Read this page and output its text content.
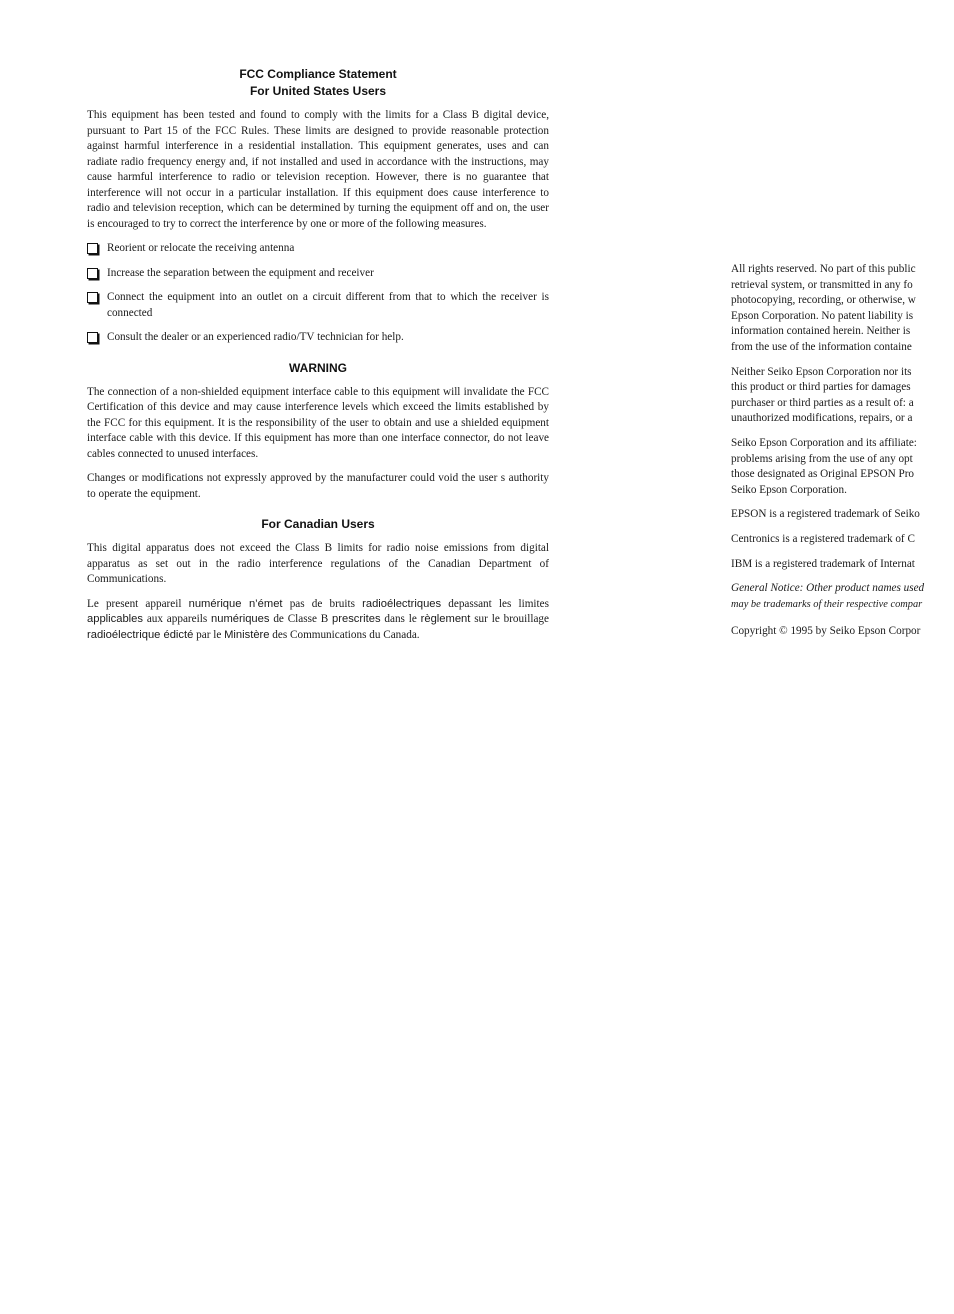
FCC Compliance Statement

For United States Users

This equipment has been tested and found to comply with the limits for a Class B digital device, pursuant to Part 15 of the FCC Rules. These limits are designed to provide reasonable protection against harmful interference in a residential installation. This equipment generates, uses and can radiate radio frequency energy and, if not installed and used in accordance with the instructions, may cause harmful interference to radio or television reception. However, there is no guarantee that interference will not occur in a particular installation. If this equipment does cause interference to radio and television reception, which can be determined by turning the equipment off and on, the user is encouraged to try to correct the interference by one or more of the following measures.

Reorient or relocate the receiving antenna
Increase the separation between the equipment and receiver
Connect the equipment into an outlet on a circuit different from that to which the receiver is connected
Consult the dealer or an experienced radio/TV technician for help.

WARNING

The connection of a non-shielded equipment interface cable to this equipment will invalidate the FCC Certification of this device and may cause interference levels which exceed the limits established by the FCC for this equipment. It is the responsibility of the user to obtain and use a shielded equipment interface cable with this device. If this equipment has more than one interface connector, do not leave cables connected to unused interfaces.

Changes or modifications not expressly approved by the manufacturer could void the user s authority to operate the equipment.

For Canadian Users

This digital apparatus does not exceed the Class B limits for radio noise emissions from digital apparatus as set out in the radio interference regulations of the Canadian Department of Communications.

Le present appareil numérique n’émet pas de bruits radioélectriques depassant les limites applicables aux appareils numériques de Classe B prescrites dans le règlement sur le brouillage radioélectrique édicté par le Ministère des Communications du Canada.

All rights reserved. No part of this public

retrieval system, or transmitted in any fo

photocopying, recording, or otherwise, w

Epson Corporation. No patent liability is

information contained herein. Neither is

from the use of the information containe

Neither Seiko Epson Corporation nor its

this product or third parties for damages

purchaser or third parties as a result of: a

unauthorized modifications, repairs, or a

Seiko Epson Corporation and its affiliate:

problems arising from the use of any opt

those designated as Original EPSON Pro

Seiko Epson Corporation.

EPSON is a registered trademark of Seiko

Centronics is a registered trademark of C

IBM is a registered trademark of Internat

General Notice: Other product names used

may be trademarks of their respective compar

Copyright © 1995 by Seiko Epson Corpor
